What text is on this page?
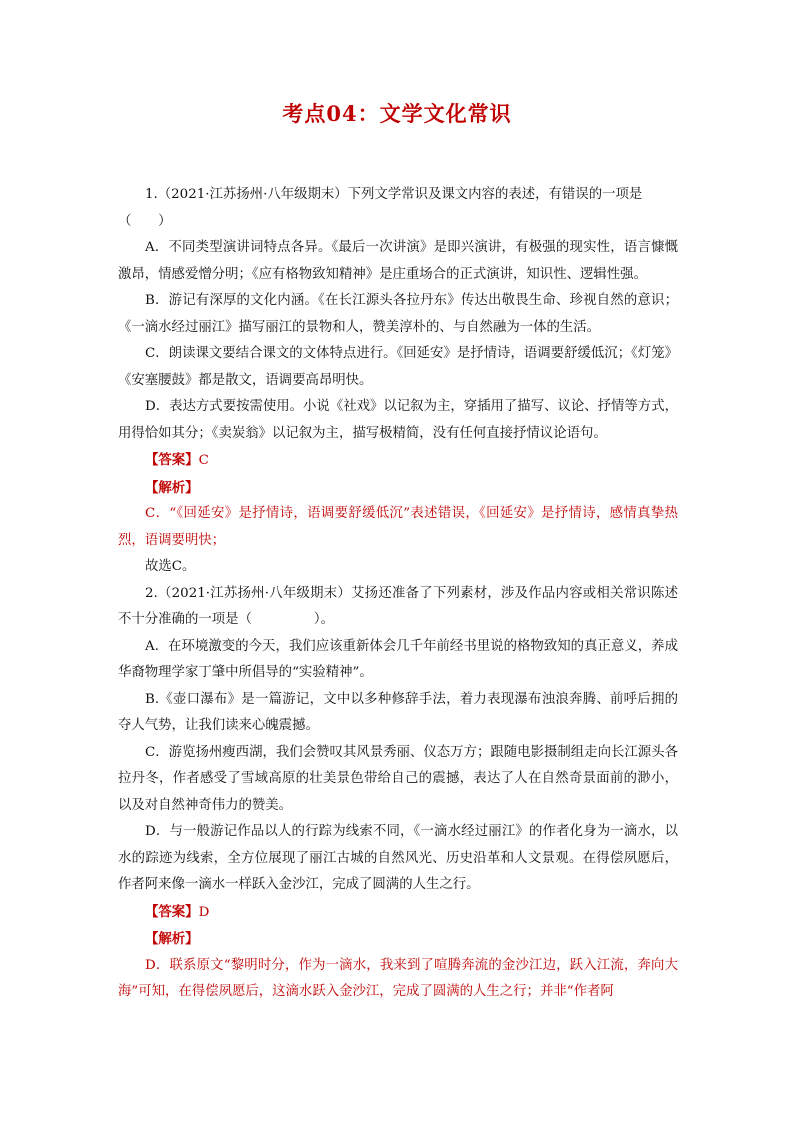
考点04：文学文化常识

1.（2021·江苏扬州·八年级期末）下列文学常识及课文内容的表述，有错误的一项是

（　　）

A．不同类型演讲词特点各异。《最后一次讲演》是即兴演讲，有极强的现实性，语言慷慨激昂，情感爱憎分明；《应有格物致知精神》是庄重场合的正式演讲，知识性、逻辑性强。

B．游记有深厚的文化内涵。《在长江源头各拉丹东》传达出敬畏生命、珍视自然的意识；《一滴水经过丽江》描写丽江的景物和人，赞美淳朴的、与自然融为一体的生活。

C．朗读课文要结合课文的文体特点进行。《回延安》是抒情诗，语调要舒缓低沉；《灯笼》《安塞腰鼓》都是散文，语调要高昂明快。

D．表达方式要按需使用。小说《社戏》以记叙为主，穿插用了描写、议论、抒情等方式，用得恰如其分；《卖炭翁》以记叙为主，描写极精简，没有任何直接抒情议论语句。

【答案】C

【解析】

C．“《回延安》是抒情诗，语调要舒缓低沉”表述错误，《回延安》是抒情诗，感情真挚热烈，语调要明快；

故选C。

2.（2021·江苏扬州·八年级期末）艾扬还准备了下列素材，涉及作品内容或相关常识陈述不十分准确的一项是（	）。

A．在环境激变的今天，我们应该重新体会几千年前经书里说的格物致知的真正意义，养成华裔物理学家丁肇中所倡导的“实验精神”。

B.《壶口瀑布》是一篇游记，文中以多种修辞手法，着力表现瀑布浊浪奔腾、前呼后拥的夺人气势，让我们读来心魄震撼。

C．游览扬州瘦西湖，我们会赞叹其风景秀丽、仪态万方；跟随电影摄制组走向长江源头各拉丹冬，作者感受了雪域高原的壮美景色带给自己的震撼，表达了人在自然奇景面前的渺小，以及对自然神奇伟力的赞美。

D．与一般游记作品以人的行踪为线索不同，《一滴水经过丽江》的作者化身为一滴水，以水的踪迹为线索，全方位展现了丽江古城的自然风光、历史沿革和人文景观。在得偿夙愿后，作者阿来像一滴水一样跃入金沙江，完成了圆满的人生之行。

【答案】D

【解析】

D．联系原文“黎明时分，作为一滴水，我来到了喧腾奔流的金沙江边，跃入江流，奔向大海”可知，在得偿夙愿后，这滴水跃入金沙江，完成了圆满的人生之行；并非“作者阿
